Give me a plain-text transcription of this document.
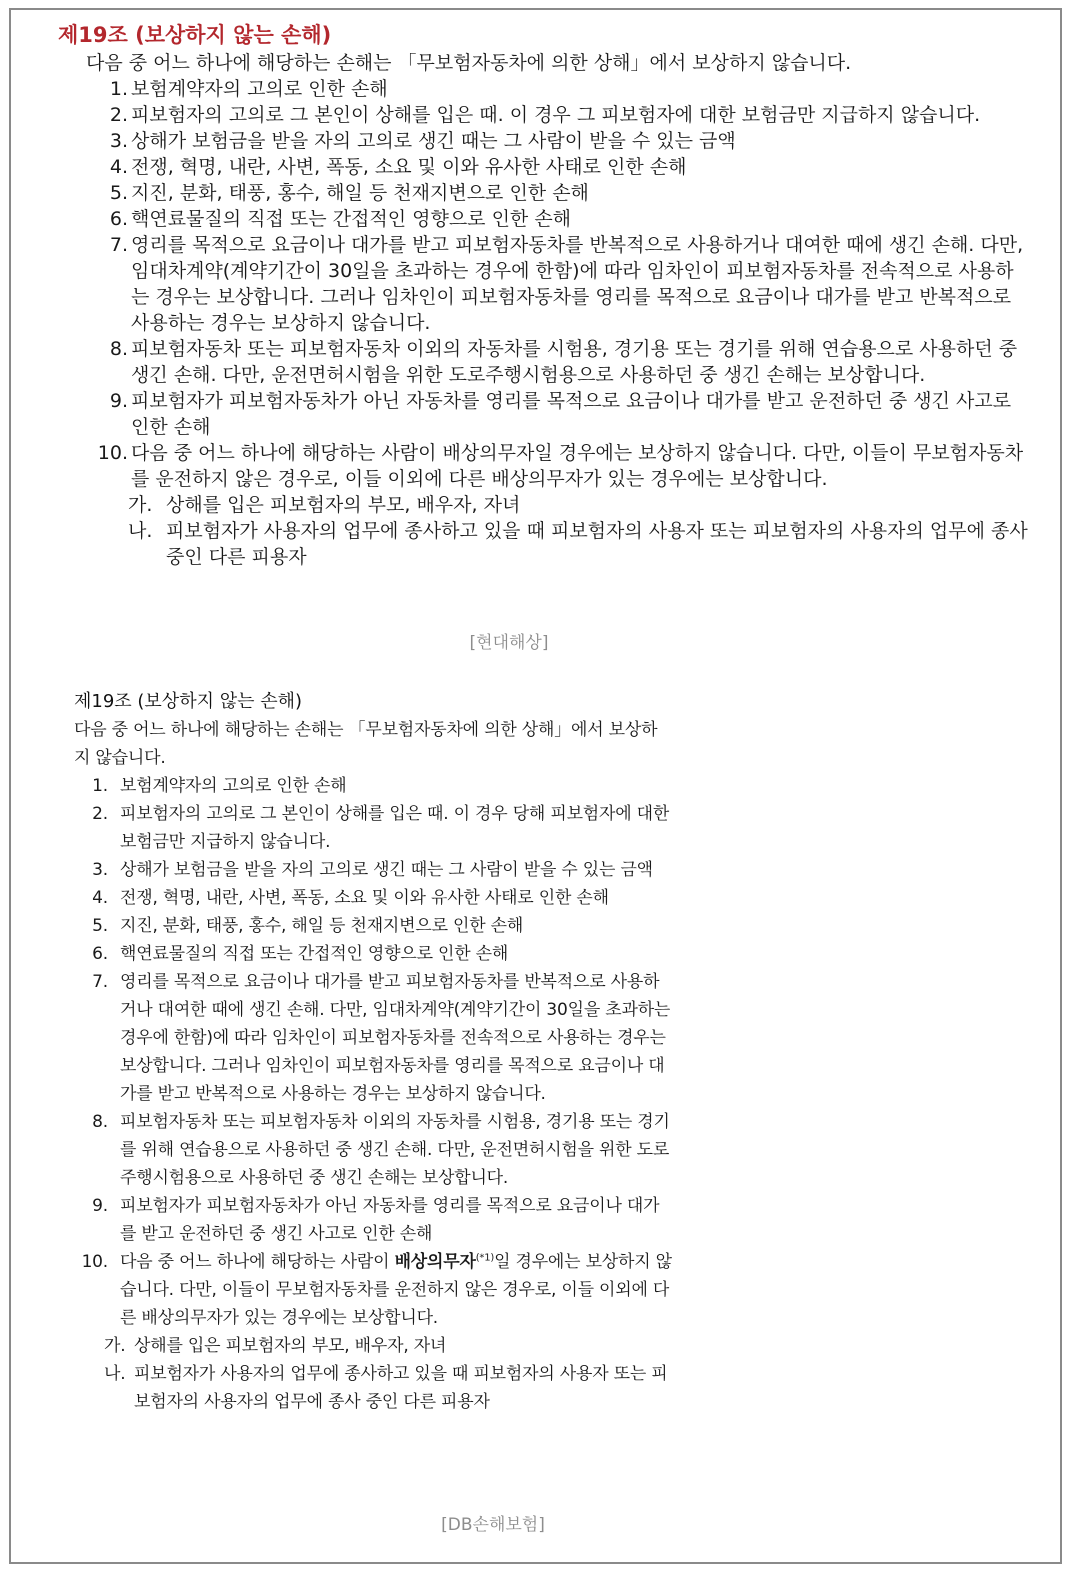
제19조 (보상하지 않는 손해)

다음 중 어느 하나에 해당하는 손해는 「무보험자동차에 의한 상해」에서 보상하지 않습니다.

1. 보험계약자의 고의로 인한 손해
2. 피보험자의 고의로 그 본인이 상해를 입은 때. 이 경우 그 피보험자에 대한 보험금만 지급하지 않습니다.
3. 상해가 보험금을 받을 자의 고의로 생긴 때는 그 사람이 받을 수 있는 금액
4. 전쟁, 혁명, 내란, 사변, 폭동, 소요 및 이와 유사한 사태로 인한 손해
5. 지진, 분화, 태풍, 홍수, 해일 등 천재지변으로 인한 손해
6. 핵연료물질의 직접 또는 간접적인 영향으로 인한 손해
7. 영리를 목적으로 요금이나 대가를 받고 피보험자동차를 반복적으로 사용하거나 대여한 때에 생긴 손해. 다만, 임대차계약(계약기간이 30일을 초과하는 경우에 한함)에 따라 임차인이 피보험자동차를 전속적으로 사용하는 경우는 보상합니다. 그러나 임차인이 피보험자동차를 영리를 목적으로 요금이나 대가를 받고 반복적으로 사용하는 경우는 보상하지 않습니다.
8. 피보험자동차 또는 피보험자동차 이외의 자동차를 시험용, 경기용 또는 경기를 위해 연습용으로 사용하던 중 생긴 손해. 다만, 운전면허시험을 위한 도로주행시험용으로 사용하던 중 생긴 손해는 보상합니다.
9. 피보험자가 피보험자동차가 아닌 자동차를 영리를 목적으로 요금이나 대가를 받고 운전하던 중 생긴 사고로 인한 손해
10. 다음 중 어느 하나에 해당하는 사람이 배상의무자일 경우에는 보상하지 않습니다. 다만, 이들이 무보험자동차를 운전하지 않은 경우로, 이들 이외에 다른 배상의무자가 있는 경우에는 보상합니다.
가. 상해를 입은 피보험자의 부모, 배우자, 자녀
나. 피보험자가 사용자의 업무에 종사하고 있을 때 피보험자의 사용자 또는 피보험자의 사용자의 업무에 종사 중인 다른 피용자
[현대해상]
제19조 (보상하지 않는 손해)

다음 중 어느 하나에 해당하는 손해는 「무보험자동차에 의한 상해」에서 보상하지 않습니다.

1. 보험계약자의 고의로 인한 손해
2. 피보험자의 고의로 그 본인이 상해를 입은 때. 이 경우 당해 피보험자에 대한 보험금만 지급하지 않습니다.
3. 상해가 보험금을 받을 자의 고의로 생긴 때는 그 사람이 받을 수 있는 금액
4. 전쟁, 혁명, 내란, 사변, 폭동, 소요 및 이와 유사한 사태로 인한 손해
5. 지진, 분화, 태풍, 홍수, 해일 등 천재지변으로 인한 손해
6. 핵연료물질의 직접 또는 간접적인 영향으로 인한 손해
7. 영리를 목적으로 요금이나 대가를 받고 피보험자동차를 반복적으로 사용하거나 대여한 때에 생긴 손해. 다만, 임대차계약(계약기간이 30일을 초과하는 경우에 한함)에 따라 임차인이 피보험자동차를 전속적으로 사용하는 경우는 보상합니다. 그러나 임차인이 피보험자동차를 영리를 목적으로 요금이나 대가를 받고 반복적으로 사용하는 경우는 보상하지 않습니다.
8. 피보험자동차 또는 피보험자동차 이외의 자동차를 시험용, 경기용 또는 경기를 위해 연습용으로 사용하던 중 생긴 손해. 다만, 운전면허시험을 위한 도로주행시험용으로 사용하던 중 생긴 손해는 보상합니다.
9. 피보험자가 피보험자동차가 아닌 자동차를 영리를 목적으로 요금이나 대가를 받고 운전하던 중 생긴 사고로 인한 손해
10. 다음 중 어느 하나에 해당하는 사람이 배상의무자$^{(*1)}$일 경우에는 보상하지 않습니다. 다만, 이들이 무보험자동차를 운전하지 않은 경우로, 이들 이외에 다른 배상의무자가 있는 경우에는 보상합니다.
가. 상해를 입은 피보험자의 부모, 배우자, 자녀
나. 피보험자가 사용자의 업무에 종사하고 있을 때 피보험자의 사용자 또는 피보험자의 사용자의 업무에 종사 중인 다른 피용자
[DB손해보험]
